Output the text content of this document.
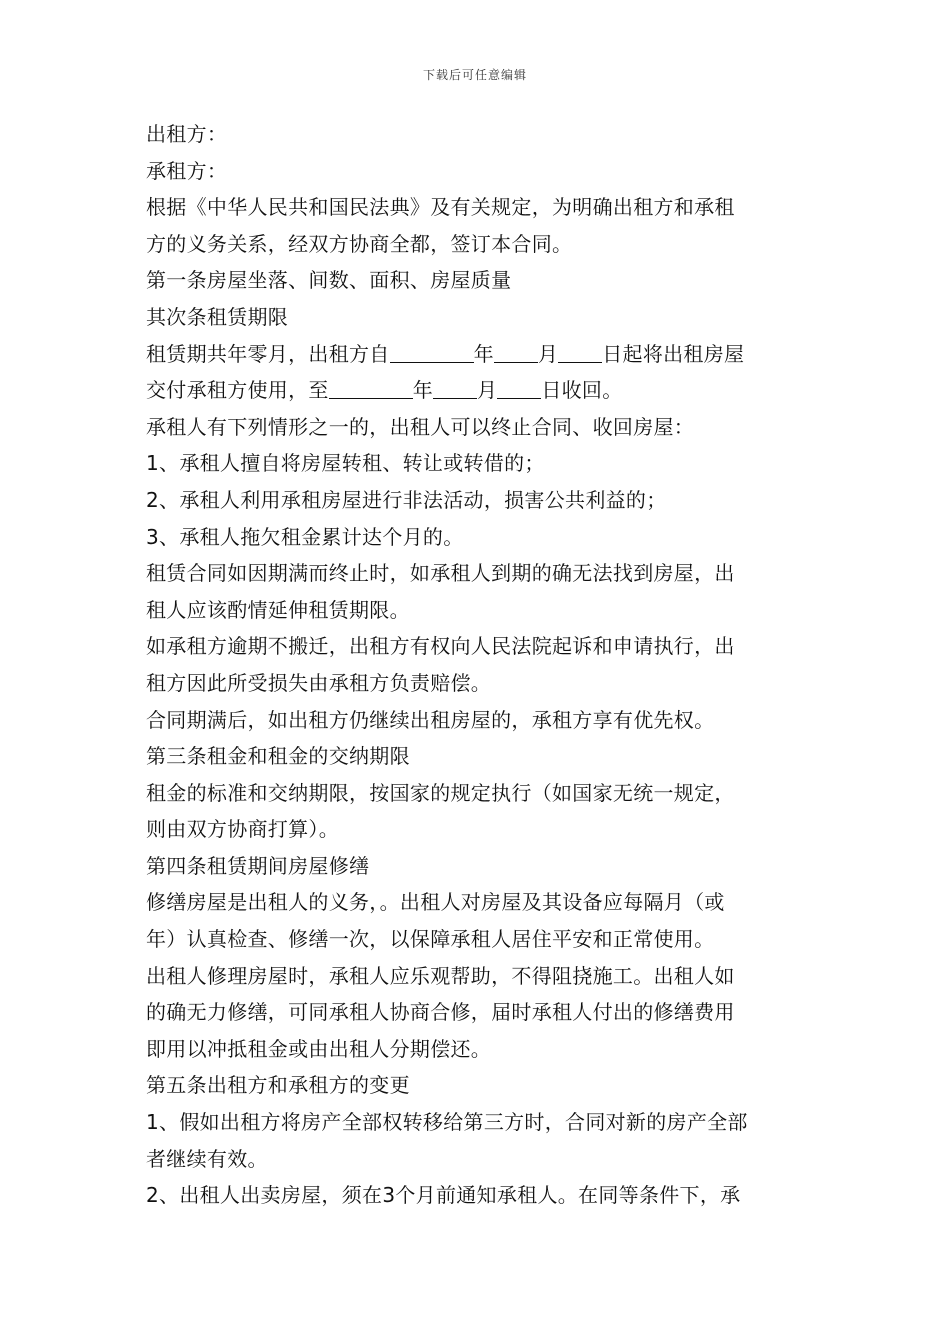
下载后可任意编辑
出租方：
承租方：
根据《中华人民共和国民法典》及有关规定，为明确出租方和承租
方的义务关系，经双方协商全都，签订本合同。
第一条房屋坐落、间数、面积、房屋质量
其次条租赁期限
租赁期共年零月，出租方自	年 月 日起将出租房屋
交付承租方使用，至	年 月 日收回。
承租人有下列情形之一的，出租人可以终止合同、收回房屋：
1、承租人擅自将房屋转租、转让或转借的；
2、承租人利用承租房屋进行非法活动，损害公共利益的；
3、承租人拖欠租金累计达个月的。
租赁合同如因期满而终止时，如承租人到期的确无法找到房屋，出
租人应该酌情延伸租赁期限。
如承租方逾期不搬迁，出租方有权向人民法院起诉和申请执行，出
租方因此所受损失由承租方负责赔偿。
合同期满后，如出租方仍继续出租房屋的，承租方享有优先权。
第三条租金和租金的交纳期限
租金的标准和交纳期限，按国家的规定执行（如国家无统一规定，
则由双方协商打算）。
第四条租赁期间房屋修缮
修缮房屋是出租人的义务，。出租人对房屋及其设备应每隔月（或
年）认真检查、修缮一次，以保障承租人居住平安和正常使用。
出租人修理房屋时，承租人应乐观帮助，不得阻挠施工。出租人如
的确无力修缮，可同承租人协商合修，届时承租人付出的修缮费用
即用以冲抵租金或由出租人分期偿还。
第五条出租方和承租方的变更
1、假如出租方将房产全部权转移给第三方时，合同对新的房产全部
者继续有效。
2、出租人出卖房屋，须在3个月前通知承租人。在同等条件下，承
